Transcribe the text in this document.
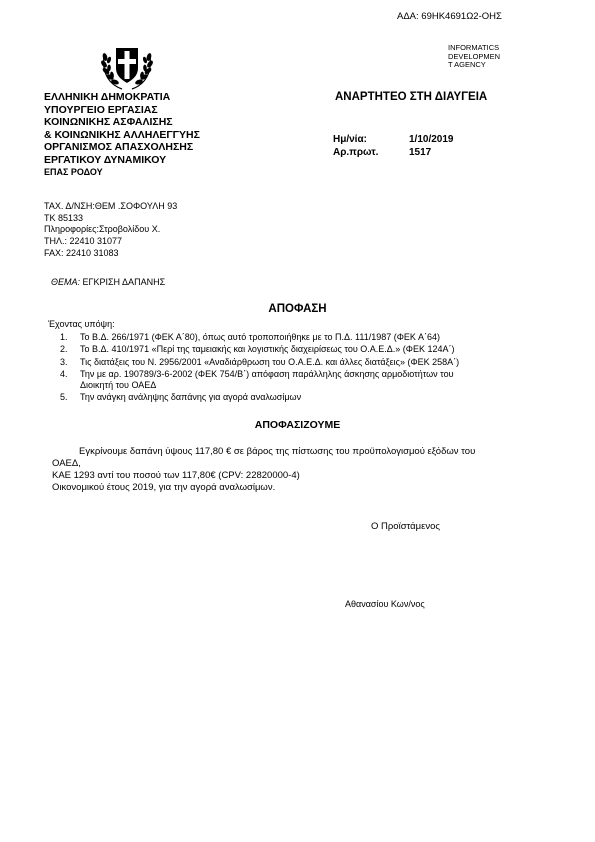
ΑΔΑ: 69ΗΚ4691Ω2-ΟΗΣ
INFORMATICS
DEVELOPMEN
T AGENCY
ΕΛΛΗΝΙΚΗ ΔΗΜΟΚΡΑΤΙΑ
ΥΠΟΥΡΓΕΙΟ ΕΡΓΑΣΙΑΣ
ΚΟΙΝΩΝΙΚΗΣ ΑΣΦΑΛΙΣΗΣ
& ΚΟΙΝΩΝΙΚΗΣ ΑΛΛΗΛΕΓΓΥΗΣ
ΟΡΓΑΝΙΣΜΟΣ ΑΠΑΣΧΟΛΗΣΗΣ
ΕΡΓΑΤΙΚΟΥ ΔΥΝΑΜΙΚΟΥ
ΕΠΑΣ ΡΟΔΟΥ
ΑΝΑΡΤΗΤΕΟ ΣΤΗ ΔΙΑΥΓΕΙΑ
Ημ/νία:	1/10/2019
Αρ.πρωτ.	1517
ΤΑΧ. Δ/ΝΣΗ:ΘΕΜ .ΣΟΦΟΥΛΗ 93
ΤΚ 85133
Πληροφορίες:Στροβολίδου Χ.
ΤΗΛ.: 22410 31077
FAX: 22410 31083
ΘΕΜΑ: ΕΓΚΡΙΣΗ ΔΑΠΑΝΗΣ
ΑΠΟΦΑΣΗ
Έχοντας υπόψη:
1. Το Β.Δ. 266/1971 (ΦΕΚ Α΄80), όπως αυτό τροποποιήθηκε με το Π.Δ. 111/1987 (ΦΕΚ Α΄64)
2. Το Β.Δ. 410/1971 «Περί της ταμειακής και λογιστικής διαχειρίσεως του Ο.Α.Ε.Δ.» (ΦΕΚ 124Α΄)
3. Τις διατάξεις του Ν. 2956/2001 «Αναδιάρθρωση του Ο.Α.Ε.Δ. και άλλες διατάξεις» (ΦΕΚ 258Α΄)
4. Την με αρ. 190789/3-6-2002 (ΦΕΚ 754/Β΄) απόφαση παράλληλης άσκησης αρμοδιοτήτων του
Διοικητή του ΟΑΕΔ
5. Την ανάγκη ανάληψης δαπάνης για αγορά αναλωσίμων
ΑΠΟΦΑΣΙΖΟΥΜΕ
Εγκρίνουμε δαπάνη ύψους 117,80 € σε βάρος της πίστωσης του προϋπολογισμού εξόδων του
ΟΑΕΔ,
ΚΑΕ 1293 αντί του ποσού των 117,80€ (CPV: 22820000-4)
Οικονομικού έτους 2019, για την αγορά αναλωσίμων.
Ο Προϊστάμενος
Αθανασίου Κων/νος
